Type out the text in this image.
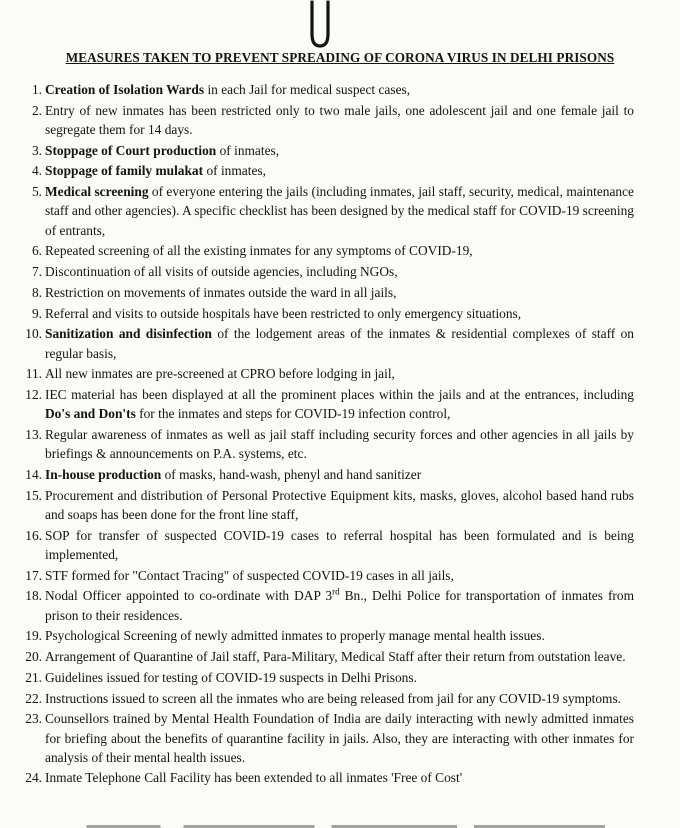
MEASURES TAKEN TO PREVENT SPREADING OF CORONA VIRUS IN DELHI PRISONS
1. Creation of Isolation Wards in each Jail for medical suspect cases,
2. Entry of new inmates has been restricted only to two male jails, one adolescent jail and one female jail to segregate them for 14 days.
3. Stoppage of Court production of inmates,
4. Stoppage of family mulakat of inmates,
5. Medical screening of everyone entering the jails (including inmates, jail staff, security, medical, maintenance staff and other agencies). A specific checklist has been designed by the medical staff for COVID-19 screening of entrants,
6. Repeated screening of all the existing inmates for any symptoms of COVID-19,
7. Discontinuation of all visits of outside agencies, including NGOs,
8. Restriction on movements of inmates outside the ward in all jails,
9. Referral and visits to outside hospitals have been restricted to only emergency situations,
10. Sanitization and disinfection of the lodgement areas of the inmates & residential complexes of staff on regular basis,
11. All new inmates are pre-screened at CPRO before lodging in jail,
12. IEC material has been displayed at all the prominent places within the jails and at the entrances, including Do's and Don'ts for the inmates and steps for COVID-19 infection control,
13. Regular awareness of inmates as well as jail staff including security forces and other agencies in all jails by briefings & announcements on P.A. systems, etc.
14. In-house production of masks, hand-wash, phenyl and hand sanitizer
15. Procurement and distribution of Personal Protective Equipment kits, masks, gloves, alcohol based hand rubs and soaps has been done for the front line staff,
16. SOP for transfer of suspected COVID-19 cases to referral hospital has been formulated and is being implemented,
17. STF formed for "Contact Tracing" of suspected COVID-19 cases in all jails,
18. Nodal Officer appointed to co-ordinate with DAP 3rd Bn., Delhi Police for transportation of inmates from prison to their residences.
19. Psychological Screening of newly admitted inmates to properly manage mental health issues.
20. Arrangement of Quarantine of Jail staff, Para-Military, Medical Staff after their return from outstation leave.
21. Guidelines issued for testing of COVID-19 suspects in Delhi Prisons.
22. Instructions issued to screen all the inmates who are being released from jail for any COVID-19 symptoms.
23. Counsellors trained by Mental Health Foundation of India are daily interacting with newly admitted inmates for briefing about the benefits of quarantine facility in jails. Also, they are interacting with other inmates for analysis of their mental health issues.
24. Inmate Telephone Call Facility has been extended to all inmates 'Free of Cost'
